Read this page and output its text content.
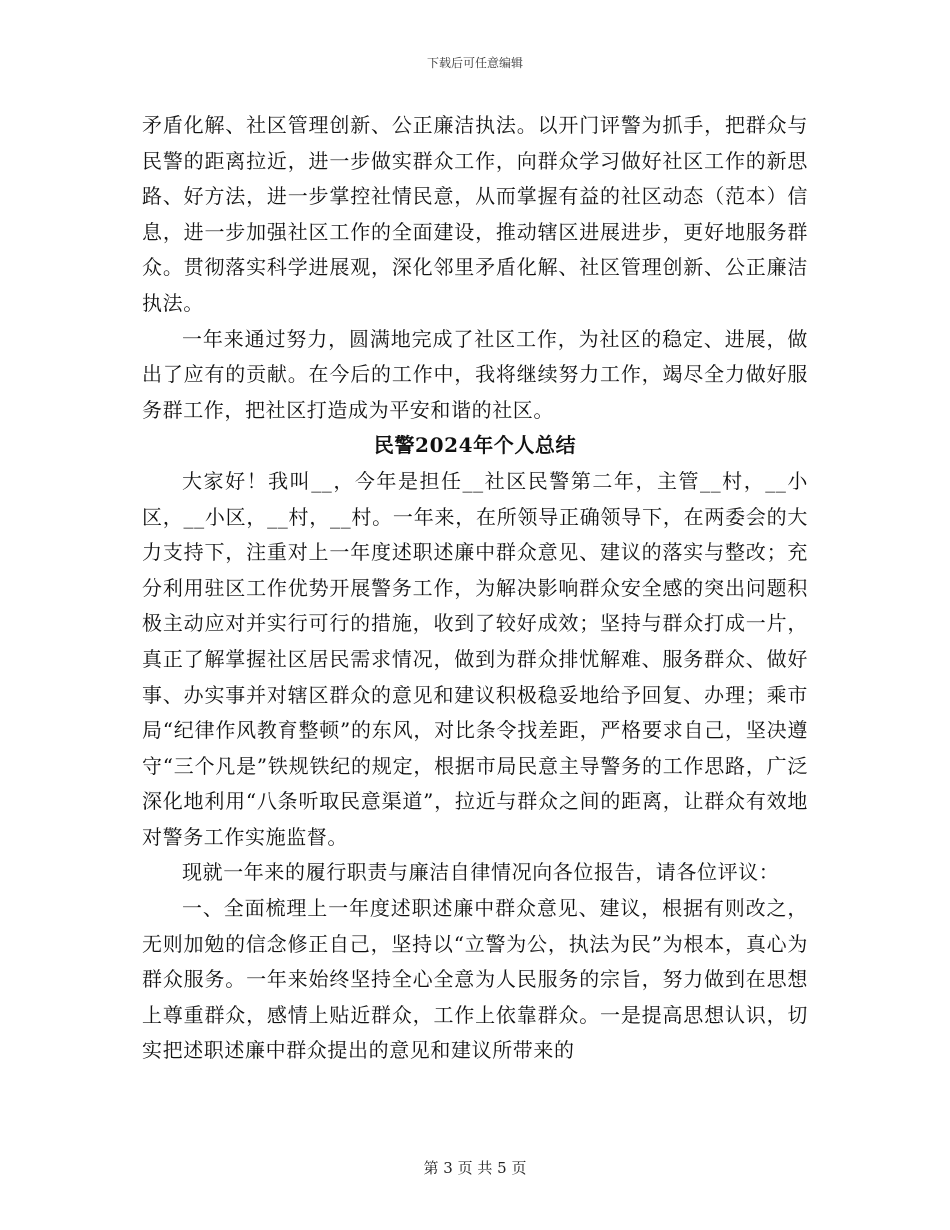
下载后可任意编辑

矛盾化解、社区管理创新、公正廉洁执法。以开门评警为抓手，把群众与民警的距离拉近，进一步做实群众工作，向群众学习做好社区工作的新思路、好方法，进一步掌控社情民意，从而掌握有益的社区动态（范本）信息，进一步加强社区工作的全面建设，推动辖区进展进步，更好地服务群众。贯彻落实科学进展观，深化邻里矛盾化解、社区管理创新、公正廉洁执法。

一年来通过努力，圆满地完成了社区工作，为社区的稳定、进展，做出了应有的贡献。在今后的工作中，我将继续努力工作，竭尽全力做好服务群工作，把社区打造成为平安和谐的社区。

民警2024年个人总结

大家好！我叫__，今年是担任__社区民警第二年，主管__村，__小区，__小区，__村，__村。一年来，在所领导正确领导下，在两委会的大力支持下，注重对上一年度述职述廉中群众意见、建议的落实与整改；充分利用驻区工作优势开展警务工作，为解决影响群众安全感的突出问题积极主动应对并实行可行的措施，收到了较好成效；坚持与群众打成一片，真正了解掌握社区居民需求情况，做到为群众排忧解难、服务群众、做好事、办实事并对辖区群众的意见和建议积极稳妥地给予回复、办理；乘市局“纪律作风教育整顿”的东风，对比条令找差距，严格要求自己，坚决遵守“三个凡是”铁规铁纪的规定，根据市局民意主导警务的工作思路，广泛深化地利用“八条听取民意渠道”，拉近与群众之间的距离，让群众有效地对警务工作实施监督。

现就一年来的履行职责与廉洁自律情况向各位报告，请各位评议：

一、全面梳理上一年度述职述廉中群众意见、建议，根据有则改之，无则加勉的信念修正自己，坚持以“立警为公，执法为民”为根本，真心为群众服务。一年来始终坚持全心全意为人民服务的宗旨，努力做到在思想上尊重群众，感情上贴近群众，工作上依靠群众。一是提高思想认识，切实把述职述廉中群众提出的意见和建议所带来的

第 3 页 共 5 页
